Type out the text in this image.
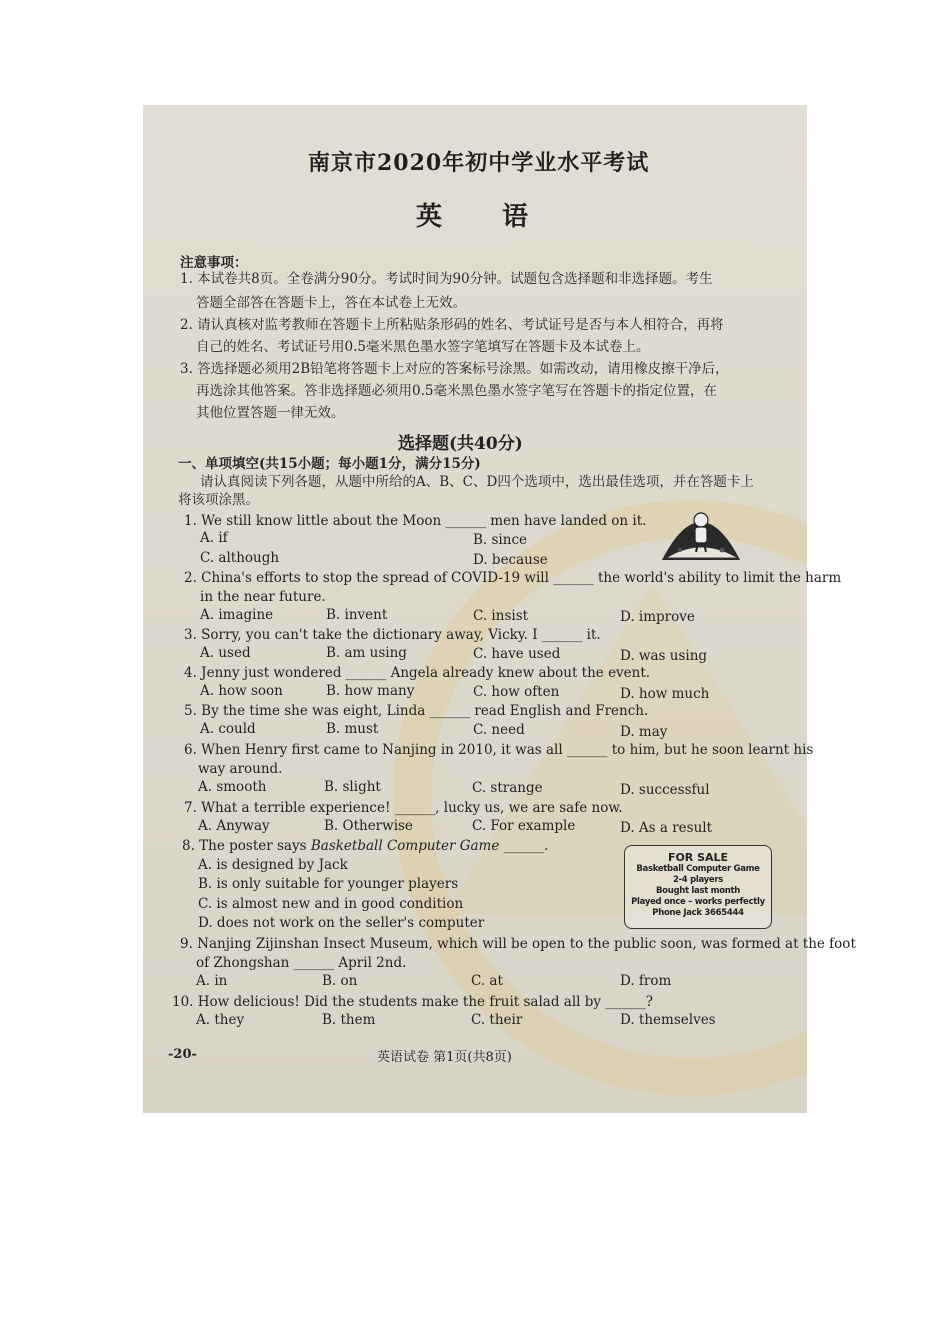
南京市2020年初中学业水平考试
英语
注意事项：
1. 本试卷共8页。全卷满分90分。考试时间为90分钟。试题包含选择题和非选择题。考生
答题全部答在答题卡上，答在本试卷上无效。
2. 请认真核对监考教师在答题卡上所粘贴条形码的姓名、考试证号是否与本人相符合，再将
自己的姓名、考试证号用0.5毫米黑色墨水签字笔填写在答题卡及本试卷上。
3. 答选择题必须用2B铅笔将答题卡上对应的答案标号涂黑。如需改动，请用橡皮擦干净后，
再选涂其他答案。答非选择题必须用0.5毫米黑色墨水签字笔写在答题卡的指定位置，在
其他位置答题一律无效。
选择题(共40分)
一、单项填空(共15小题；每小题1分，满分15分)
请认真阅读下列各题，从题中所给的A、B、C、D四个选项中，选出最佳选项，并在答题卡上
将该项涂黑。
1. We still know little about the Moon ______ men have landed on it.
A. if	B. since
C. although	D. because
2. China's efforts to stop the spread of COVID-19 will ______ the world's ability to limit the harm
in the near future.
A. imagine	B. invent	C. insist	D. improve
3. Sorry, you can't take the dictionary away, Vicky. I ______ it.
A. used	B. am using	C. have used	D. was using
4. Jenny just wondered ______ Angela already knew about the event.
A. how soon	B. how many	C. how often	D. how much
5. By the time she was eight, Linda ______ read English and French.
A. could	B. must	C. need	D. may
6. When Henry first came to Nanjing in 2010, it was all ______ to him, but he soon learnt his
way around.
A. smooth	B. slight	C. strange	D. successful
7. What a terrible experience! ______, lucky us, we are safe now.
A. Anyway	B. Otherwise	C. For example	D. As a result
8. The poster says Basketball Computer Game ______.
A. is designed by Jack
B. is only suitable for younger players
C. is almost new and in good condition
D. does not work on the seller's computer
FOR SALE
Basketball Computer Game
2-4 players
Bought last month
Played once – works perfectly
Phone Jack 3665444
9. Nanjing Zijinshan Insect Museum, which will be open to the public soon, was formed at the foot
of Zhongshan ______ April 2nd.
A. in	B. on	C. at	D. from
10. How delicious! Did the students make the fruit salad all by ______?
A. they	B. them	C. their	D. themselves
-20-	英语试卷 第1页(共8页)
